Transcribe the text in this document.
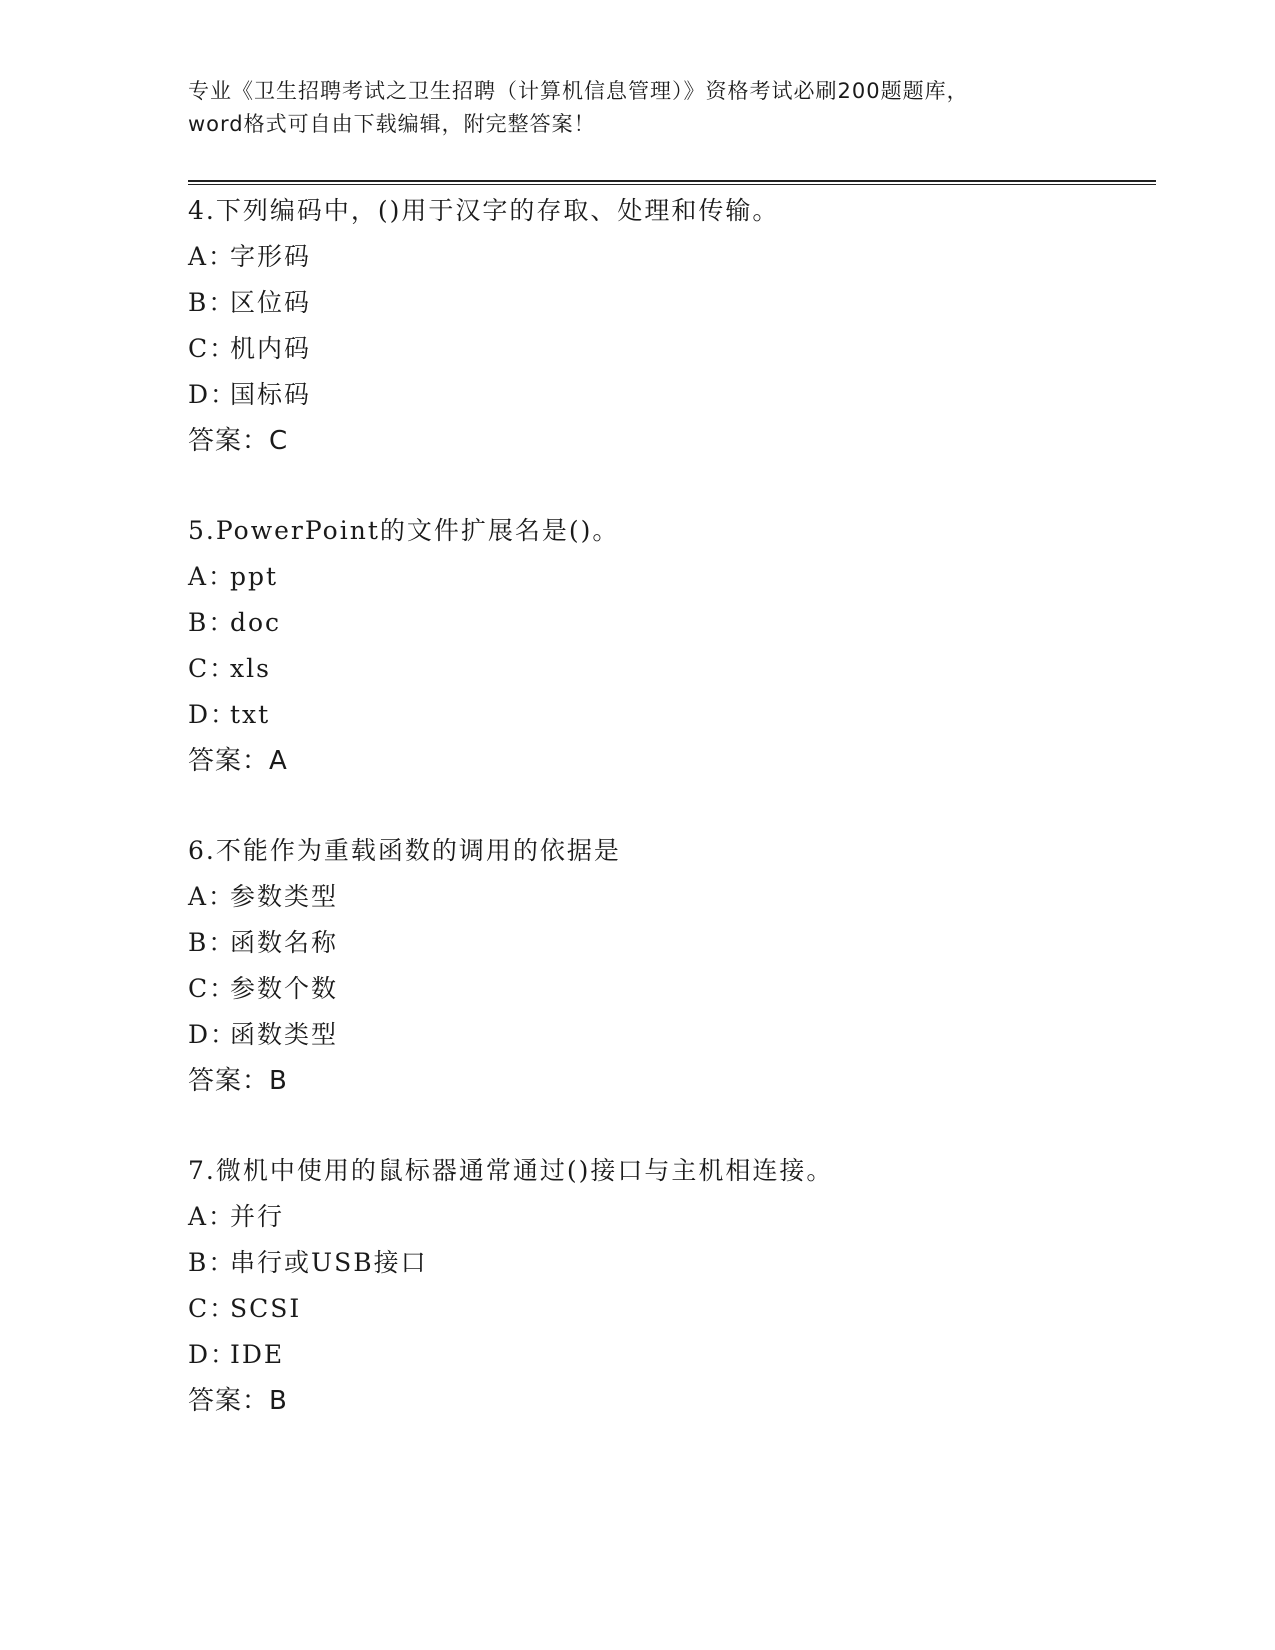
专业《卫生招聘考试之卫生招聘（计算机信息管理）》资格考试必刷200题题库，
word格式可自由下载编辑，附完整答案！
4.下列编码中，()用于汉字的存取、处理和传输。
A：字形码
B：区位码
C：机内码
D：国标码
答案：C
5.PowerPoint的文件扩展名是()。
A：ppt
B：doc
C：xls
D：txt
答案：A
6.不能作为重载函数的调用的依据是
A：参数类型
B：函数名称
C：参数个数
D：函数类型
答案：B
7.微机中使用的鼠标器通常通过()接口与主机相连接。
A：并行
B：串行或USB接口
C：SCSI
D：IDE
答案：B
